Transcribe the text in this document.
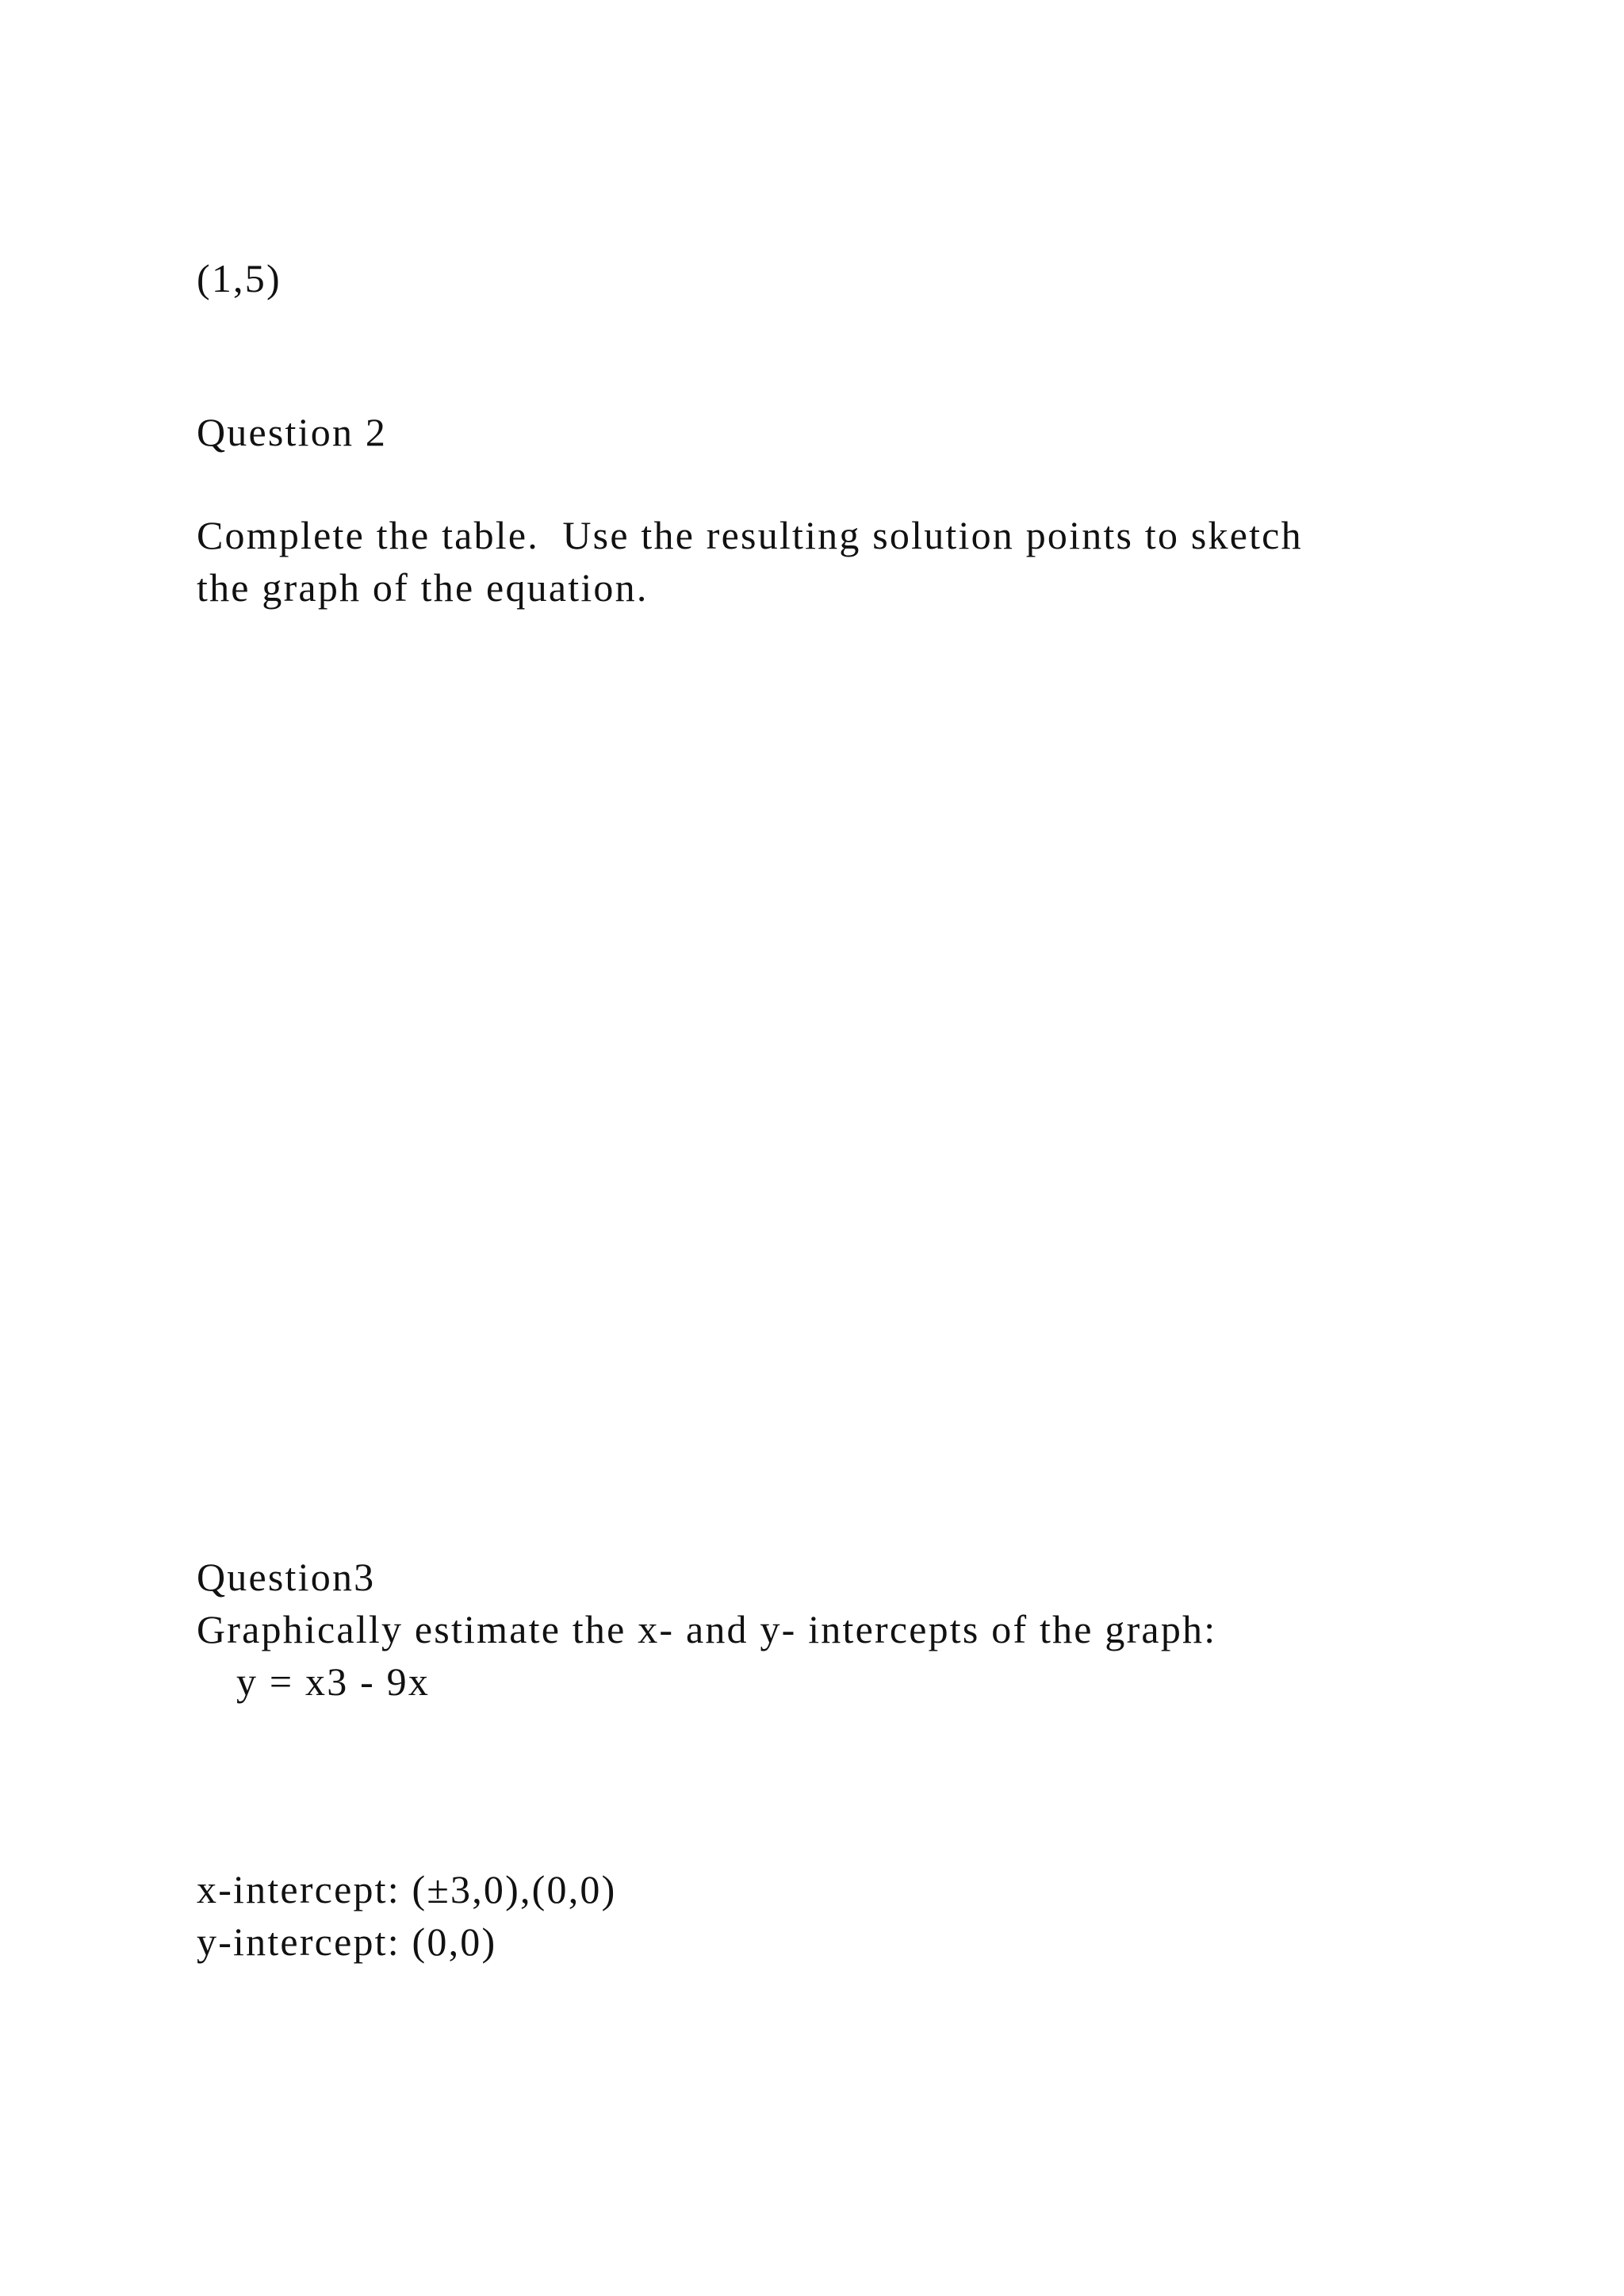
(1,5)
Question 2
Complete the table.  Use the resulting solution points to sketch
the graph of the equation.
Question3
Graphically estimate the x- and y- intercepts of the graph:
y = x3 - 9x
x-intercept: (±3,0),(0,0)
y-intercept: (0,0)
